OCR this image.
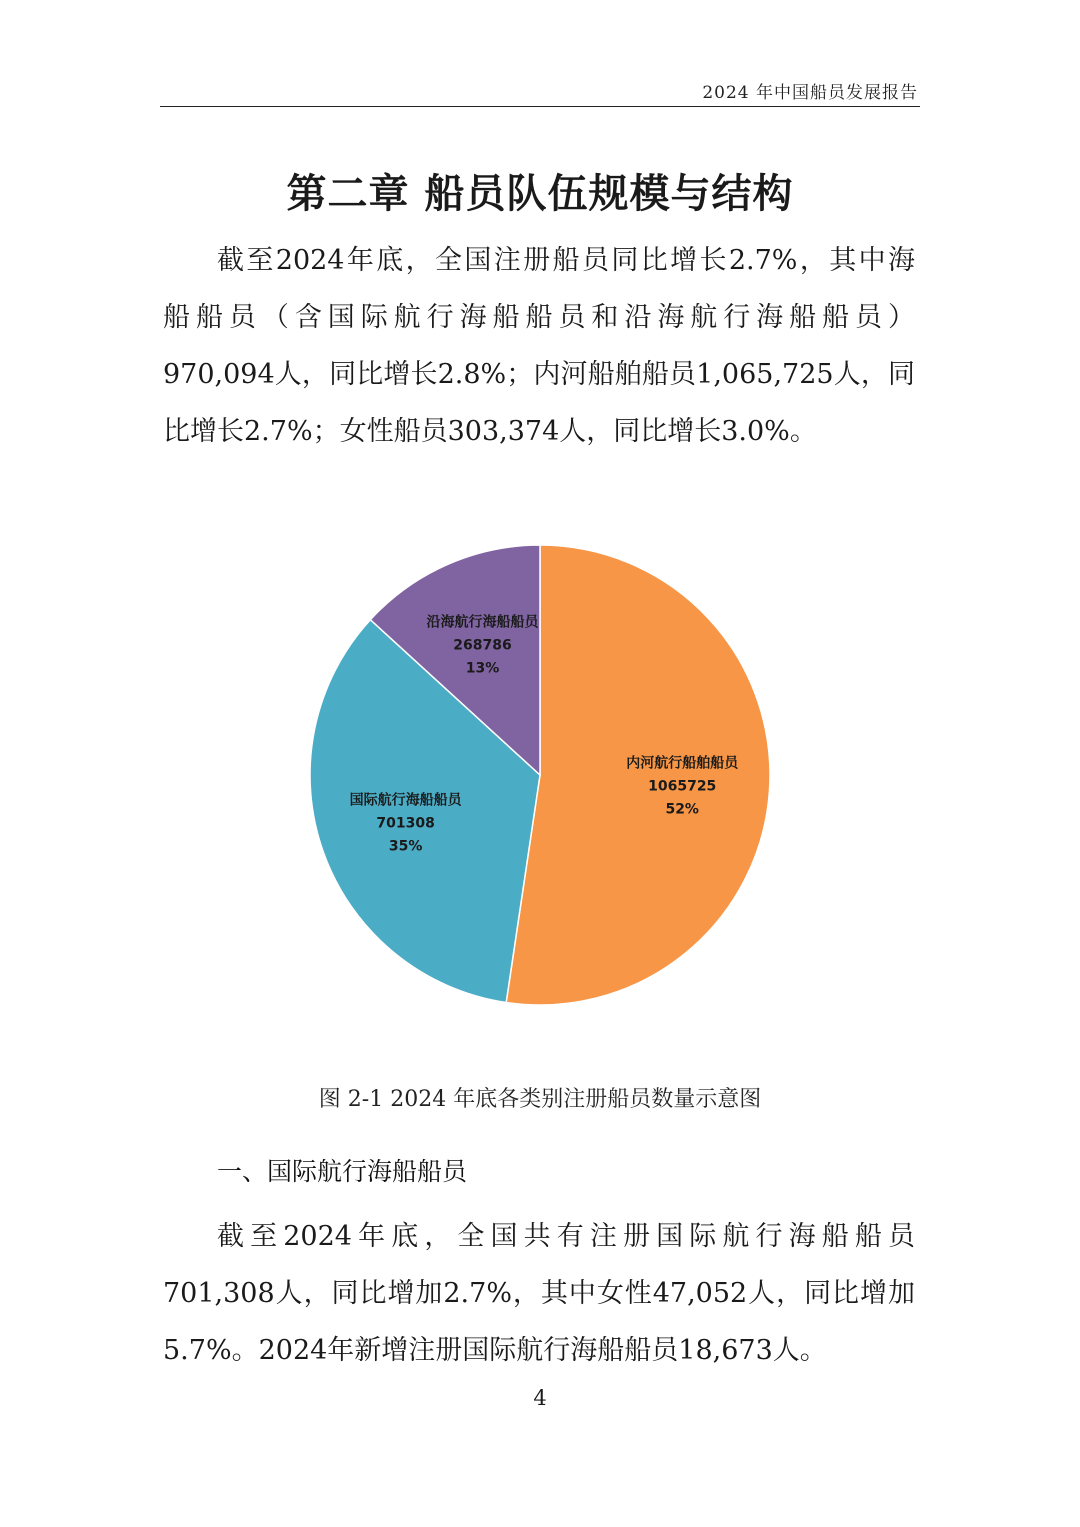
2024 年中国船员发展报告
第二章 船员队伍规模与结构

截至2024年底，全国注册船员同比增长2.7%，其中海
船船员（含国际航行海船船员和沿海航行海船船员）
970,094人，同比增长2.8%；内河船舶船员1,065,725人，同
比增长2.7%；女性船员303,374人，同比增长3.0%。

内河航行船舶船员
1065725
52%
国际航行海船船员
701308
35%
沿海航行海船船员
268786
13%
图 2-1 2024 年底各类别注册船员数量示意图
一、国际航行海船船员

截至2024年底，全国共有注册国际航行海船船员
701,308人，同比增加2.7%，其中女性47,052人，同比增加
5.7%。2024年新增注册国际航行海船船员18,673人。

4
